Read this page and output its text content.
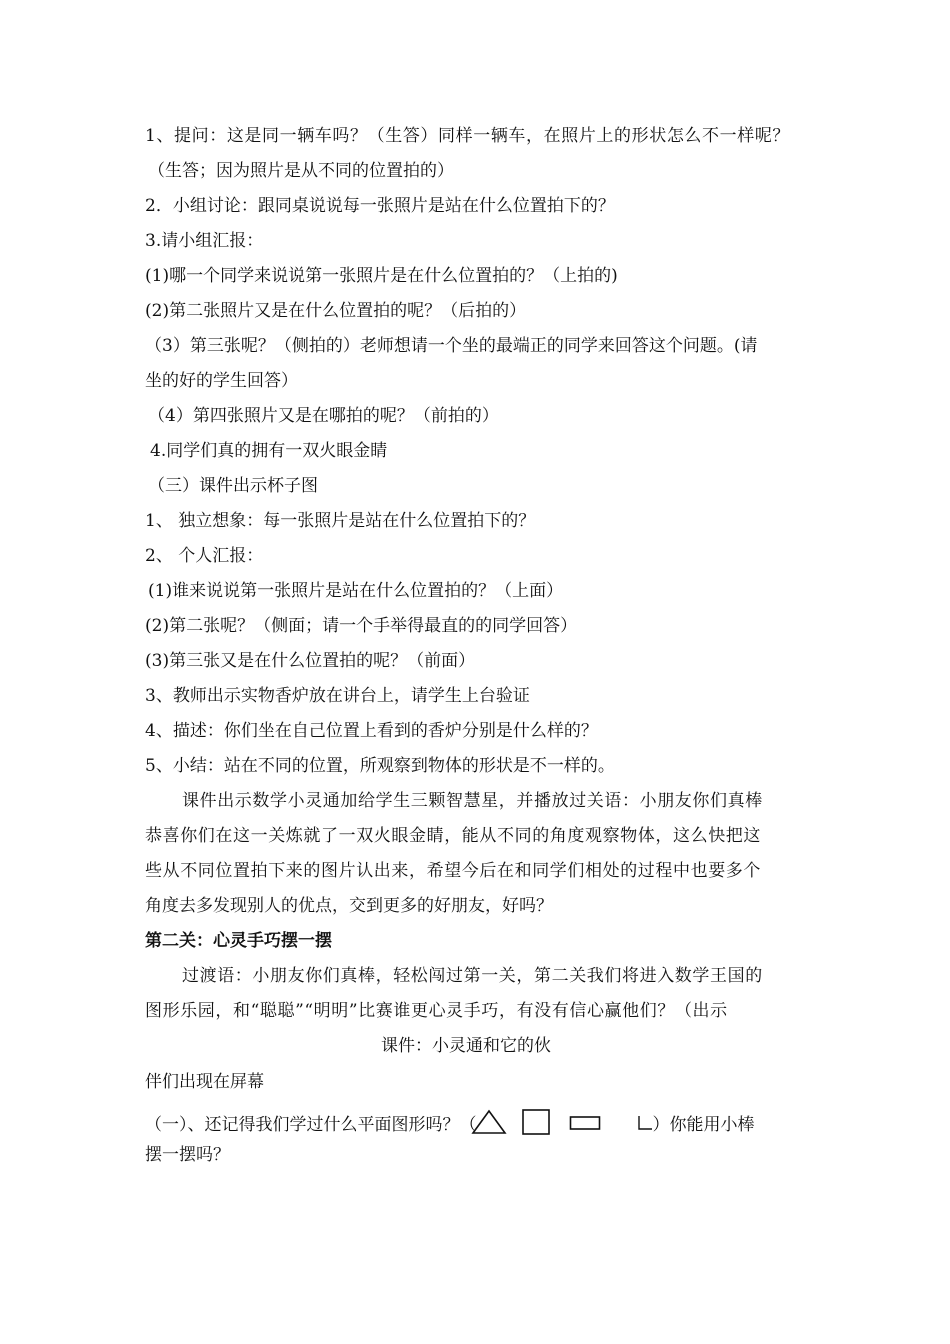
1、提问：这是同一辆车吗？（生答）同样一辆车，在照片上的形状怎么不一样呢？
（生答；因为照片是从不同的位置拍的）
2．小组讨论：跟同桌说说每一张照片是站在什么位置拍下的？
3.请小组汇报：
(1)哪一个同学来说说第一张照片是在什么位置拍的？（上拍的)
(2)第二张照片又是在什么位置拍的呢？（后拍的）
（3）第三张呢？（侧拍的）老师想请一个坐的最端正的同学来回答这个问题。(请
坐的好的学生回答）
（4）第四张照片又是在哪拍的呢？（前拍的）
4.同学们真的拥有一双火眼金睛
（三）课件出示杯子图
1、 独立想象：每一张照片是站在什么位置拍下的？
2、 个人汇报：
(1)谁来说说第一张照片是站在什么位置拍的？（上面）
(2)第二张呢？（侧面；请一个手举得最直的的同学回答）
(3)第三张又是在什么位置拍的呢？（前面）
3、教师出示实物香炉放在讲台上，请学生上台验证
4、描述：你们坐在自己位置上看到的香炉分别是什么样的？
5、小结：站在不同的位置，所观察到物体的形状是不一样的。
课件出示数学小灵通加给学生三颗智慧星，并播放过关语：小朋友你们真棒
恭喜你们在这一关炼就了一双火眼金睛，能从不同的角度观察物体，这么快把这
些从不同位置拍下来的图片认出来，希望今后在和同学们相处的过程中也要多个
角度去多发现别人的优点，交到更多的好朋友，好吗？
第二关：心灵手巧摆一摆
过渡语：小朋友你们真棒，轻松闯过第一关，第二关我们将进入数学王国的
图形乐园，和“聪聪”“明明”比赛谁更心灵手巧，有没有信心赢他们？（出示
课件：小灵通和它的伙
伴们出现在屏幕
（一）、还记得我们学过什么平面图形吗？（	）你能用小棒
摆一摆吗？
